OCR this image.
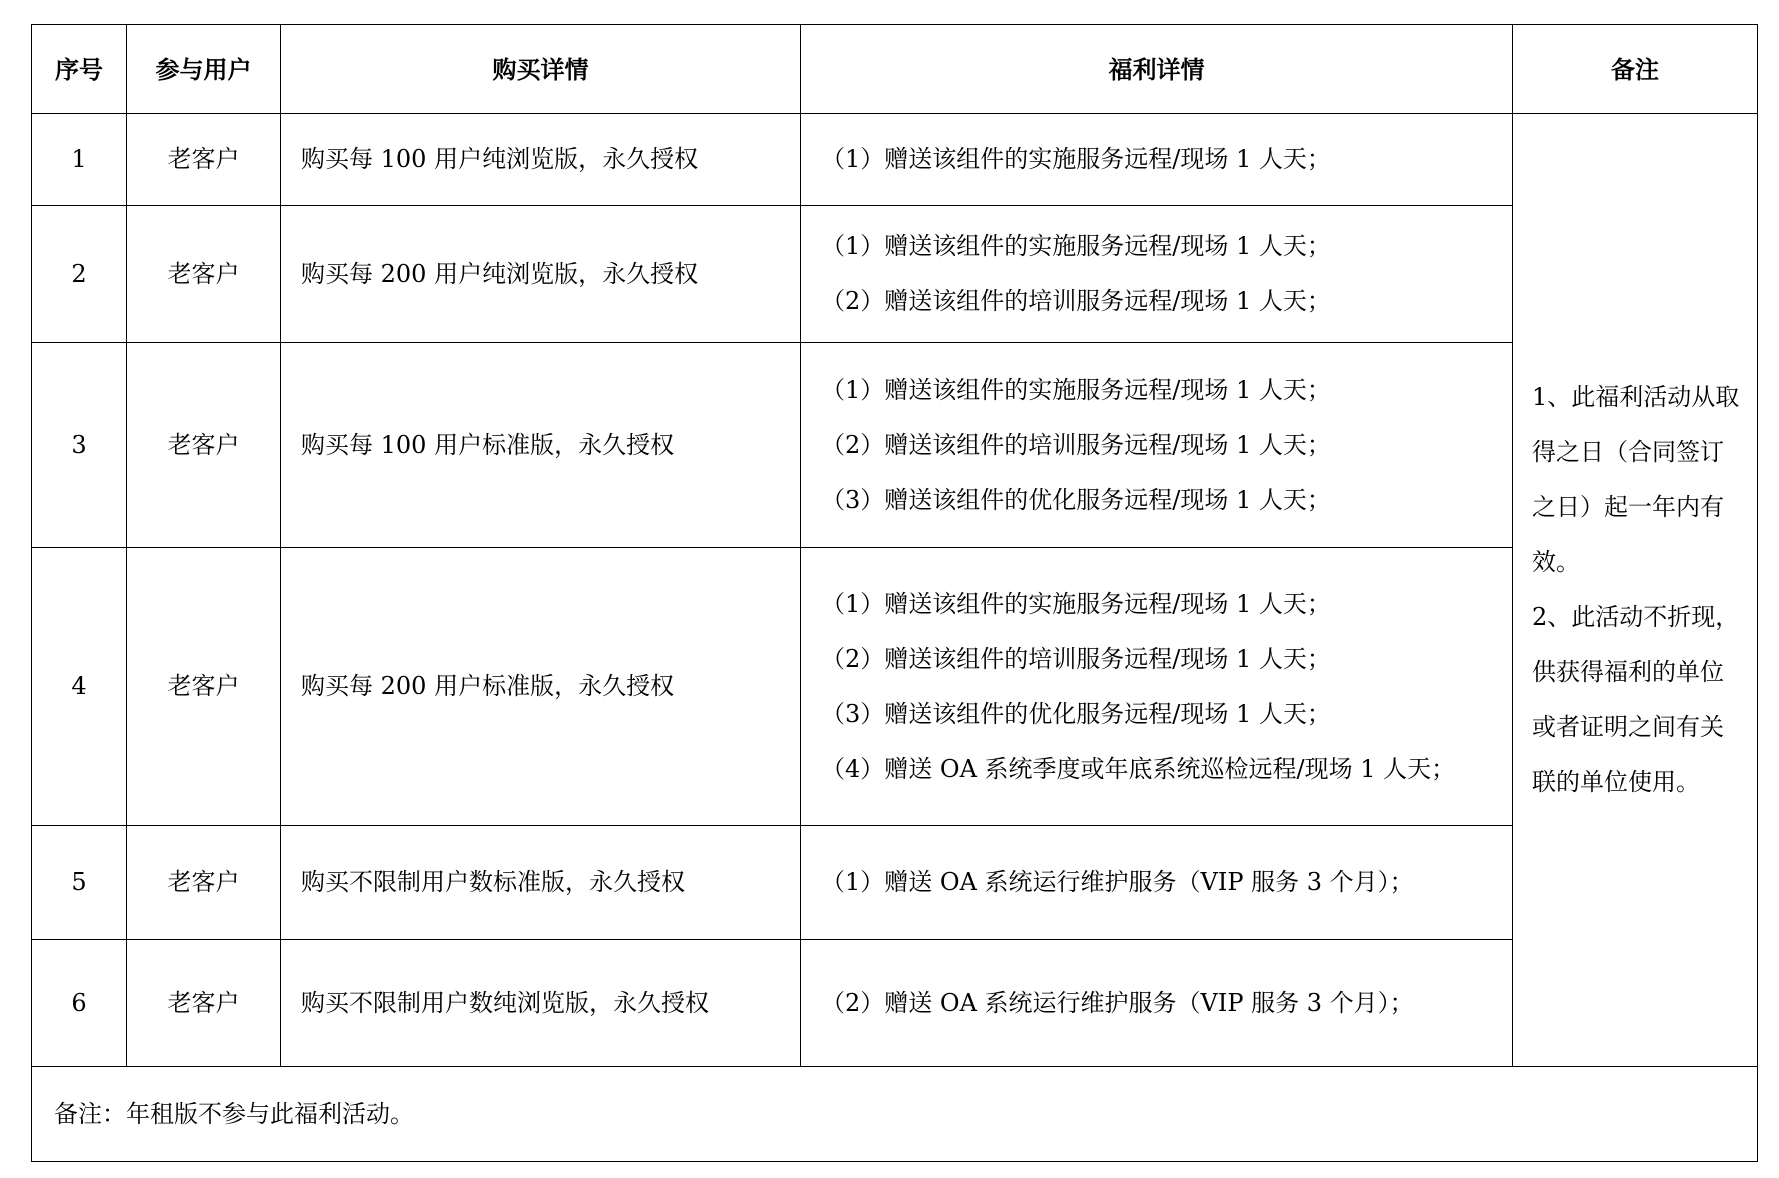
序号	参与用户	购买详情	福利详情	备注
1	老客户	购买每 100 用户纯浏览版，永久授权	（1）赠送该组件的实施服务远程/现场 1 人天；	1、此福利活动从取得之日（合同签订之日）起一年内有效。
2、此活动不折现，供获得福利的单位或者证明之间有关联的单位使用。

2	老客户	购买每 200 用户纯浏览版，永久授权	（1）赠送该组件的实施服务远程/现场 1 人天；
（2）赠送该组件的培训服务远程/现场 1 人天；	

3	老客户	购买每 100 用户标准版，永久授权	（1）赠送该组件的实施服务远程/现场 1 人天；
（2）赠送该组件的培训服务远程/现场 1 人天；
（3）赠送该组件的优化服务远程/现场 1 人天；	

4	老客户	购买每 200 用户标准版，永久授权	（1）赠送该组件的实施服务远程/现场 1 人天；
（2）赠送该组件的培训服务远程/现场 1 人天；
（3）赠送该组件的优化服务远程/现场 1 人天；
（4）赠送 OA 系统季度或年底系统巡检远程/现场 1 人天；	

5	老客户	购买不限制用户数标准版，永久授权	（1）赠送 OA 系统运行维护服务（VIP 服务 3 个月）；	

6	老客户	购买不限制用户数纯浏览版，永久授权	（2）赠送 OA 系统运行维护服务（VIP 服务 3 个月）；	

备注：年租版不参与此福利活动。				
